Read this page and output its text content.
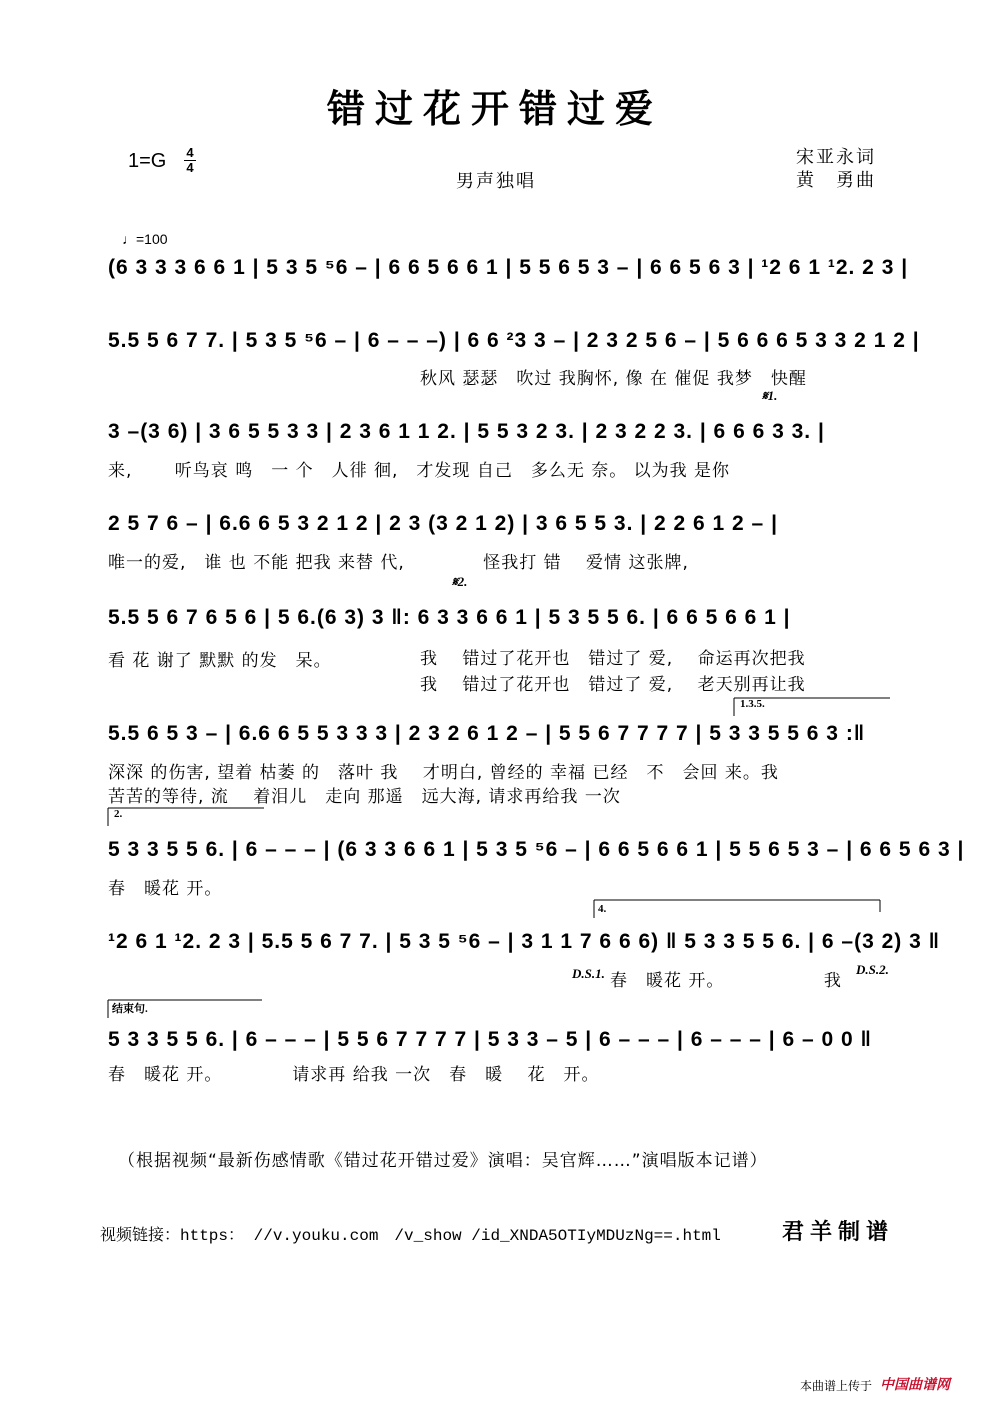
错过花开错过爱
1=G 4
4
男声独唱
宋亚永词
黄　勇曲
♩=100
(6 3 3 3 6 6 1 | 5 3 5 ⁵6 – | 6 6 5 6 6 1 | 5 5 6 5 3 – | 6 6 5 6 3 | ¹2 6 1 ¹2. 2 3 |
5.5 5 6 7 7. | 5 3 5 ⁵6 – | 6 – – –) | 6 6 ²3 3 – | 2 3 2 5 6 – | 5 6 6 6 5 3 3 2 1 2 |
秋风 瑟瑟　吹过 我胸怀, 像 在 催促 我梦　快醒
𝄋1.
3 –(3 6) | 3 6 5 5 3 3 | 2 3 6 1 1 2. | 5 5 3 2 3. | 2 3 2 2 3. | 6 6 6 3 3. |
来,　　 听鸟哀 鸣　一 个　人徘 徊,　才发现 自己　多么无 奈。 以为我 是你
2 5 7 6 – | 6.6 6 5 3 2 1 2 | 2 3 (3 2 1 2) | 3 6 5 5 3. | 2 2 6 1 2 – |
唯一的爱,　谁 也 不能 把我 来替 代,　　　　 怪我打 错　 爱情 这张牌,
𝄋2.
5.5 5 6 7 6 5 6 | 5 6.(6 3) 3 ‖: 6 3 3 6 6 1 | 5 3 5 5 6. | 6 6 5 6 6 1 |
看 花 谢了 默默 的发　呆。	我　 错过了花开也　错过了 爱,　 命运再次把我
我　 错过了花开也　错过了 爱,　 老天别再让我
1.3.5.
5.5 6 5 3 – | 6.6 6 5 5 3 3 3 | 2 3 2 6 1 2 – | 5 5 6 7 7 7 7 | 5 3 3 5 5 6 3 :‖
深深 的伤害, 望着 枯萎 的　落叶 我　 才明白, 曾经的 幸福 已经　不　会回 来。我
苦苦的等待, 流　 着泪儿　走向 那遥　远大海, 请求再给我 一次
2.
5 3 3 5 5 6. | 6 – – – | (6 3 3 6 6 1 | 5 3 5 ⁵6 – | 6 6 5 6 6 1 | 5 5 6 5 3 – | 6 6 5 6 3 |
春　暖花 开。
4.
¹2 6 1 ¹2. 2 3 | 5.5 5 6 7 7. | 5 3 5 ⁵6 – | 3 1 1 7 6 6 6) ‖ 5 3 3 5 5 6. | 6 –(3 2) 3 ‖
春　暖花 开。　　　　　　我
D.S.1.	D.S.2.
结束句.
5 3 3 5 5 6. | 6 – – – | 5 5 6 7 7 7 7 | 5 3 3 – 5 | 6 – – – | 6 – – – | 6 – 0 0 ‖
春　暖花 开。　　　　 请求再 给我 一次　春　暖　 花　开。
（根据视频“最新伤感情歌《错过花开错过爱》演唱：吴官辉……”演唱版本记谱）
视频链接：https： //v.youku.com　/v_show /id_XNDA5OTIyMDUzNg==.html	君羊制谱
本曲谱上传于 中国曲谱网
